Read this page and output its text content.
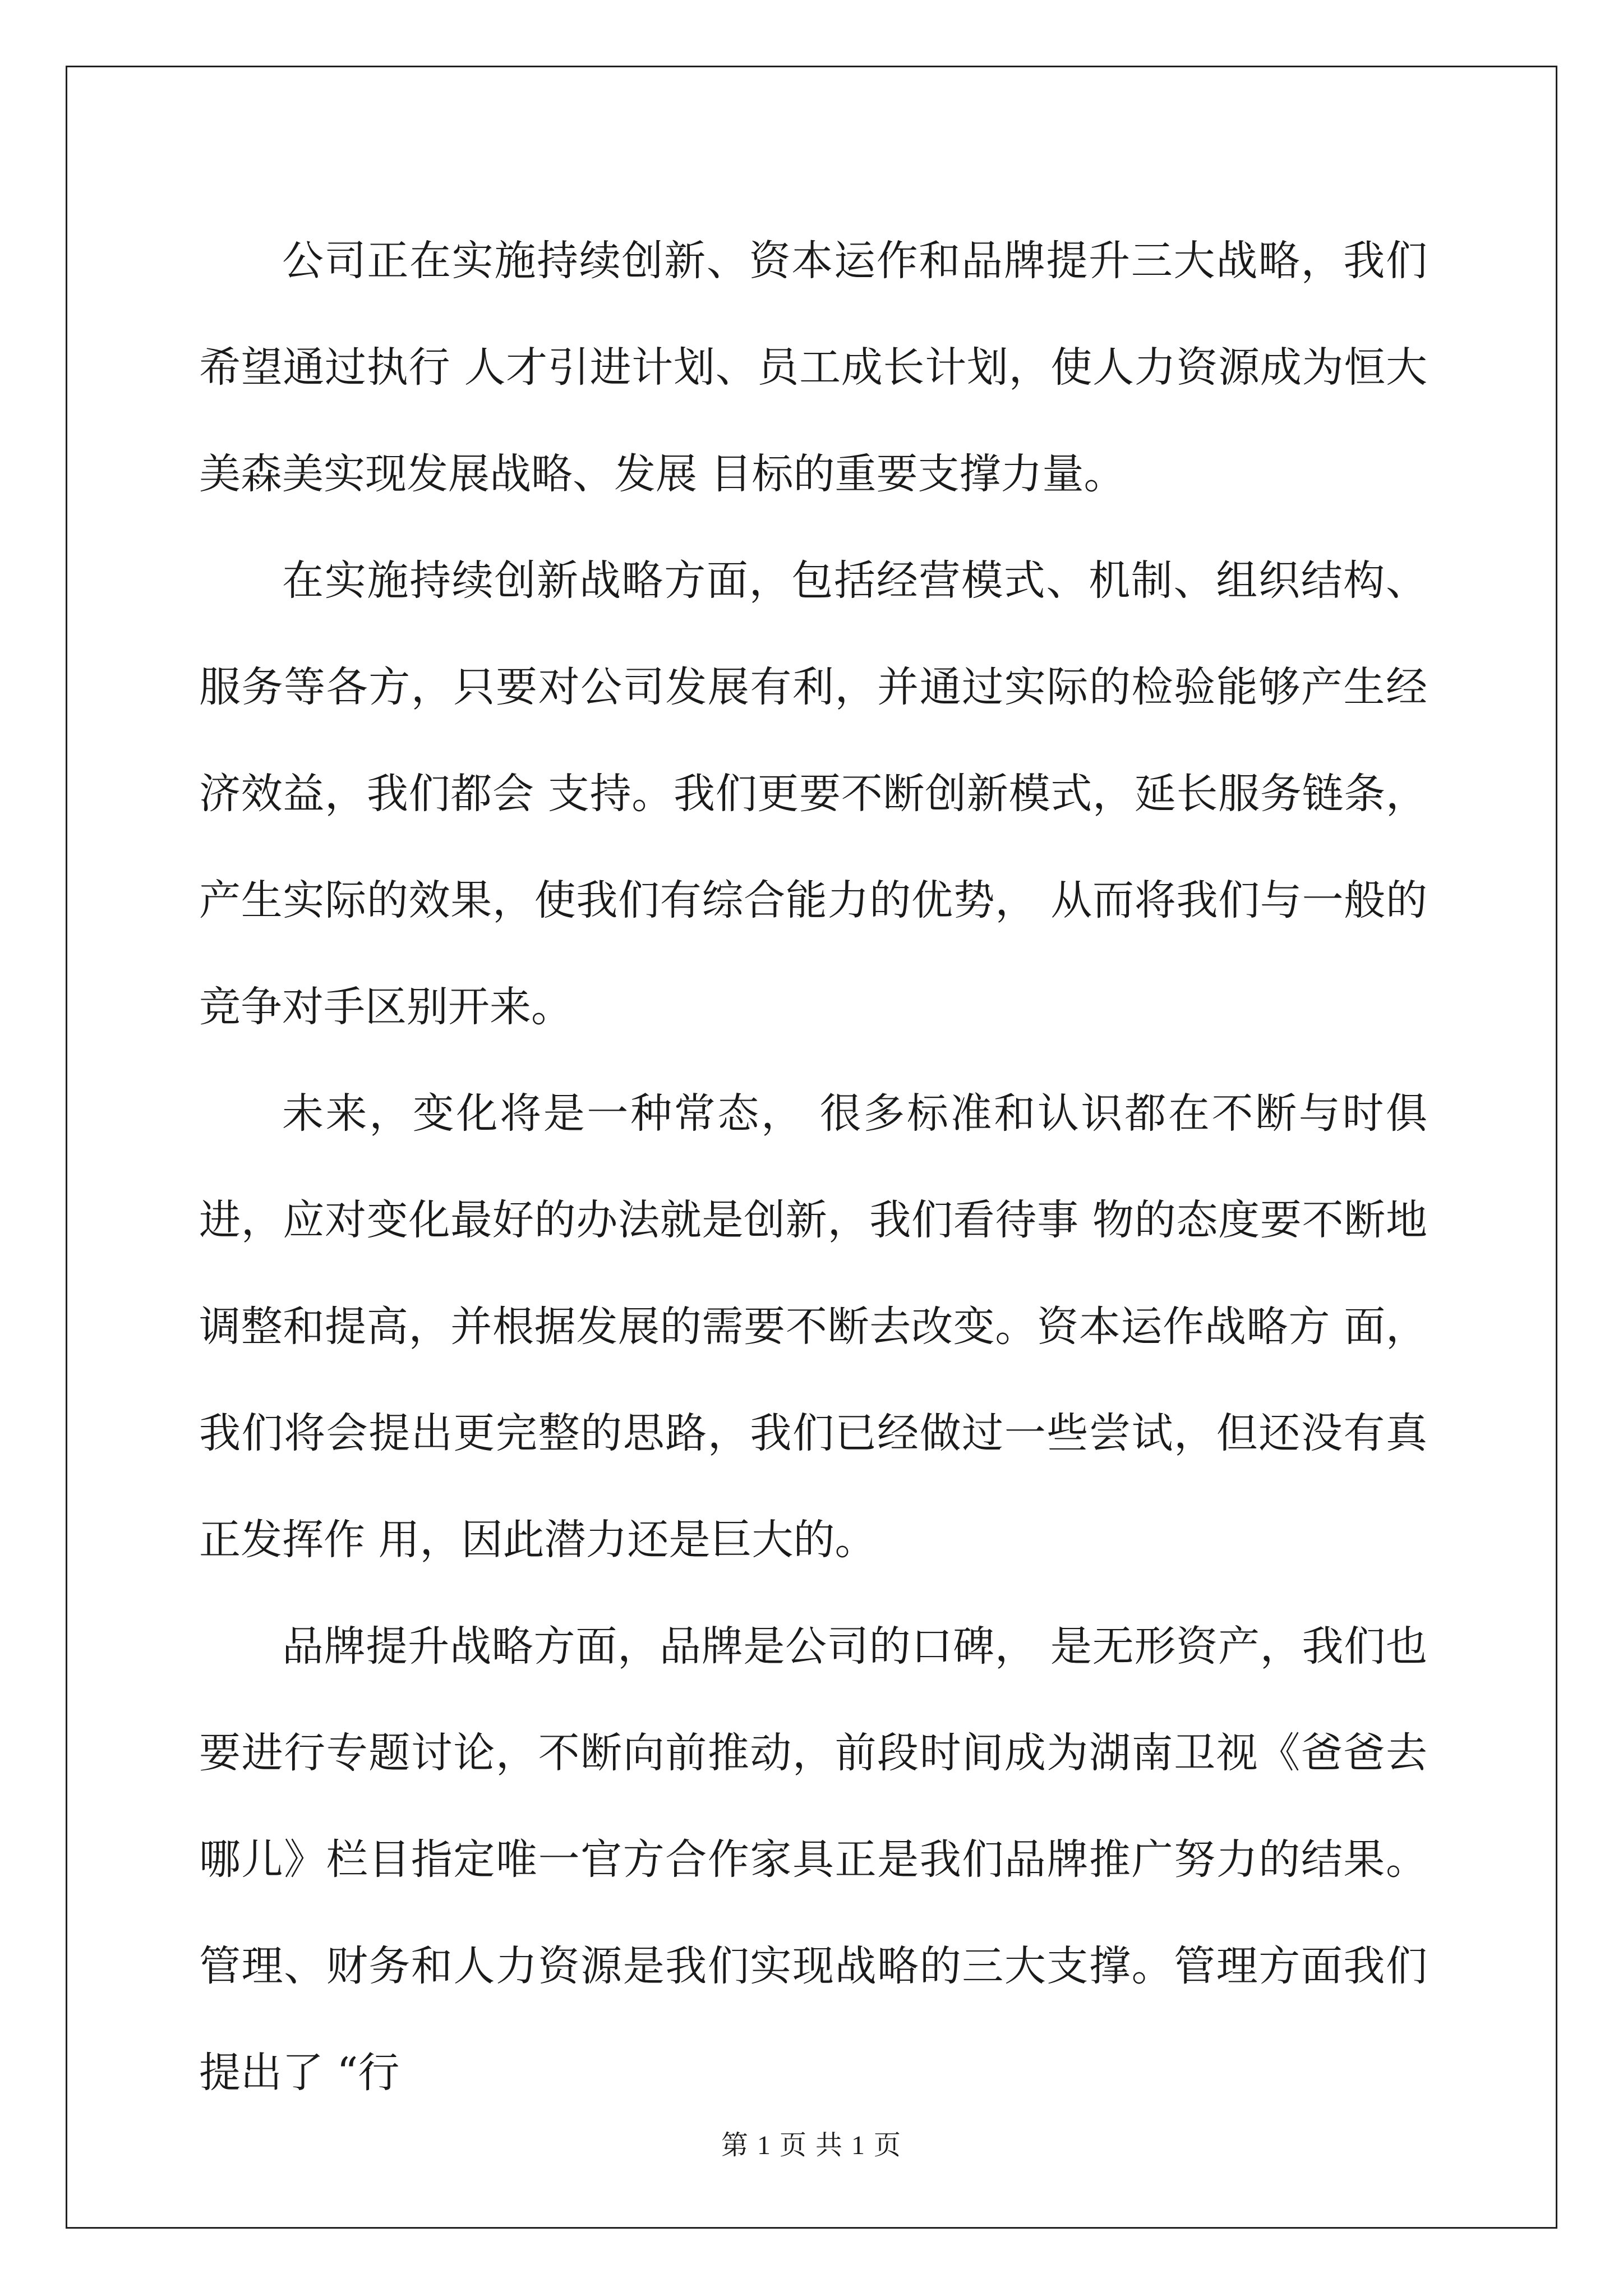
公司正在实施持续创新、资本运作和品牌提升三大战略，我们希望通过执行 人才引进计划、员工成长计划，使人力资源成为恒大美森美实现发展战略、发展 目标的重要支撑力量。

在实施持续创新战略方面，包括经营模式、机制、组织结构、服务等各方，只要对公司发展有利，并通过实际的检验能够产生经济效益，我们都会 支持。我们更要不断创新模式，延长服务链条，产生实际的效果，使我们有综合能力的优势， 从而将我们与一般的竞争对手区别开来。

未来，变化将是一种常态， 很多标准和认识都在不断与时俱进，应对变化最好的办法就是创新，我们看待事 物的态度要不断地调整和提高，并根据发展的需要不断去改变。资本运作战略方 面，我们将会提出更完整的思路，我们已经做过一些尝试，但还没有真正发挥作 用，因此潜力还是巨大的。

品牌提升战略方面，品牌是公司的口碑， 是无形资产，我们也要进行专题讨论，不断向前推动，前段时间成为湖南卫视《爸爸去哪儿》栏目指定唯一官方合作家具正是我们品牌推广努力的结果。管理、财务和人力资源是我们实现战略的三大支撑。管理方面我们提出了 “行

第 1 页 共 1 页
